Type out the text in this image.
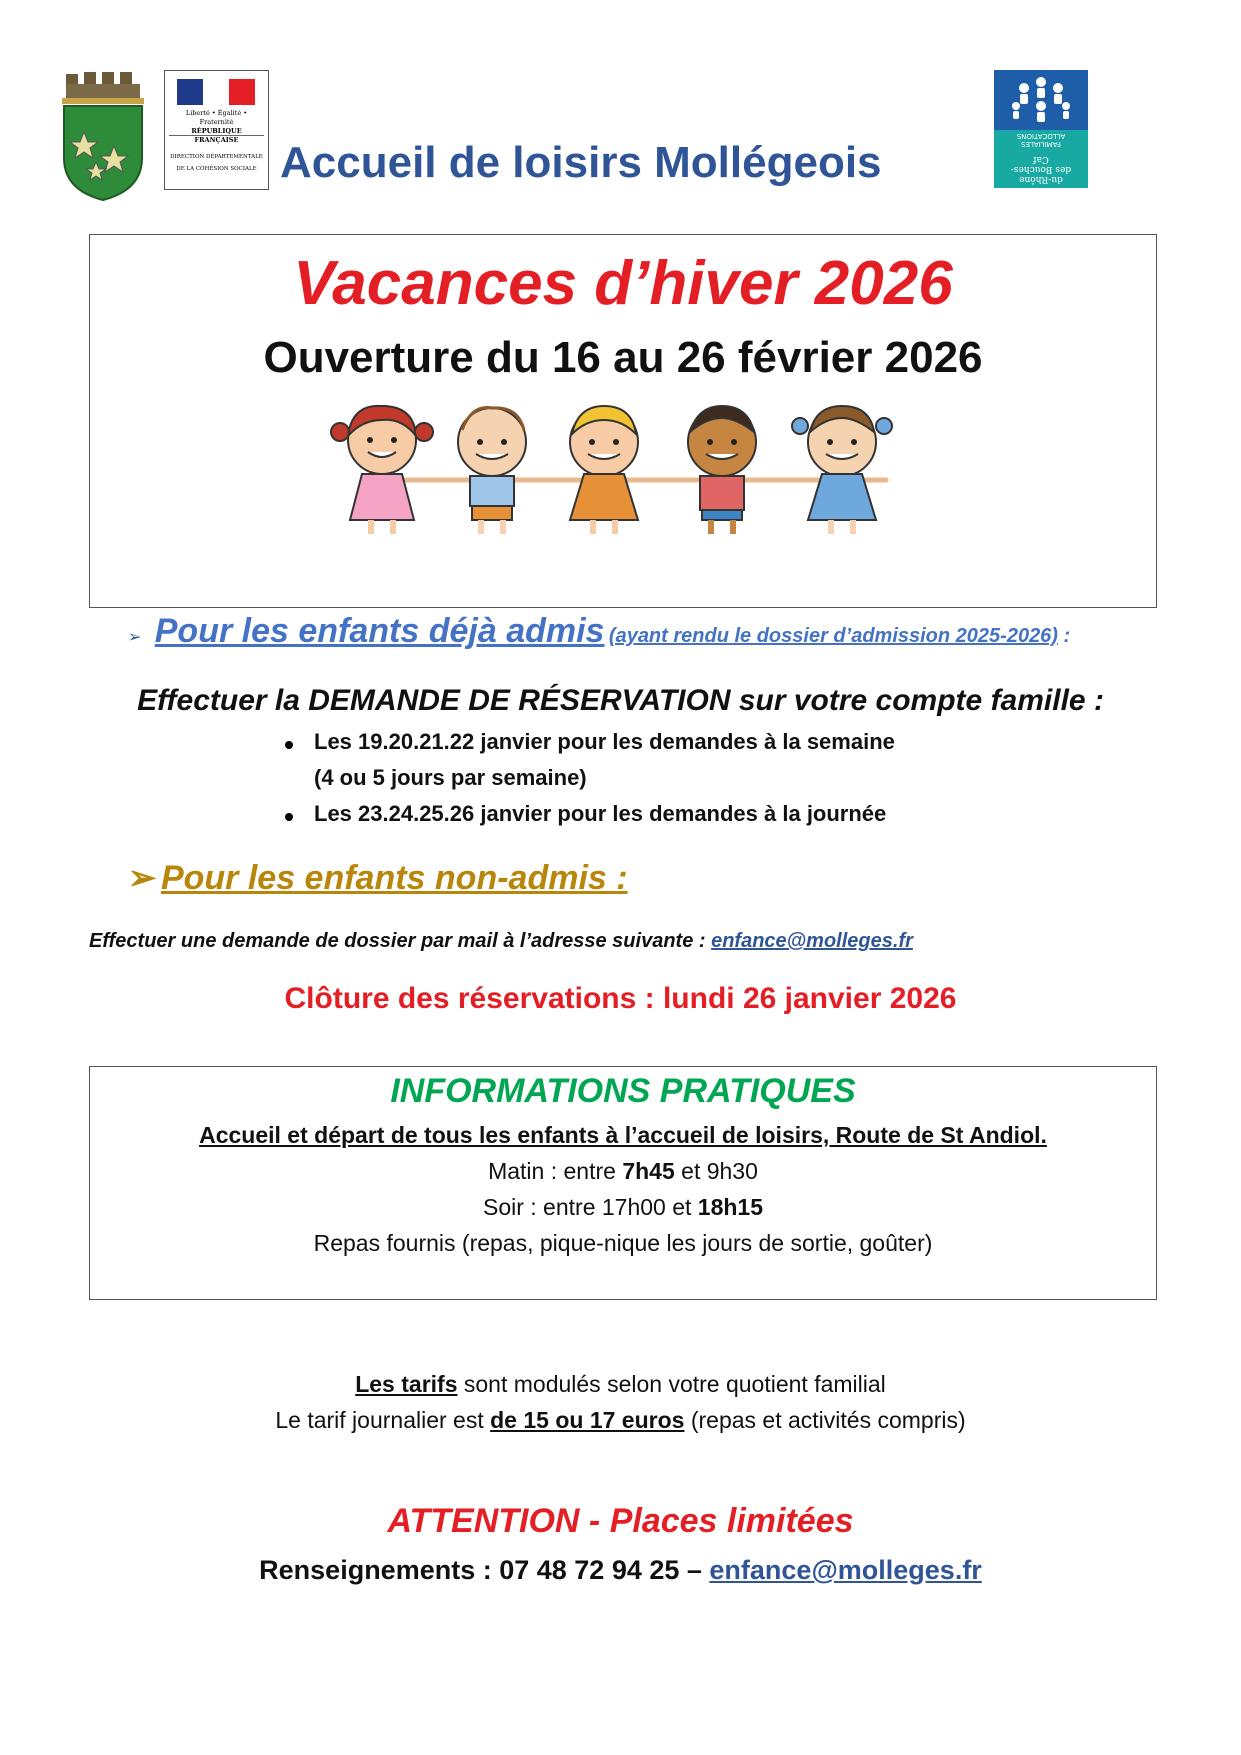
Liberté • Égalité • Fraternité
RÉPUBLIQUE FRANÇAISE
DIRECTION DÉPARTEMENTALE
DE LA COHÉSION SOCIALE Accueil de loisirs Mollégeois	FAMILIALES
ALLOCATIONS
du-Rhône
des Bouches-
Caf
Vacances d’hiver 2026
Ouverture du 16 au 26 février 2026
➢ Pour les enfants déjà admis (ayant rendu le dossier d’admission 2025-2026) :
Effectuer la DEMANDE DE RÉSERVATION sur votre compte famille :
Les 19.20.21.22 janvier pour les demandes à la semaine
(4 ou 5 jours par semaine)
Les 23.24.25.26 janvier pour les demandes à la journée
➢ Pour les enfants non-admis :
Effectuer une demande de dossier par mail à l’adresse suivante : enfance@molleges.fr
Clôture des réservations : lundi 26 janvier 2026
INFORMATIONS PRATIQUES
Accueil et départ de tous les enfants à l’accueil de loisirs, Route de St Andiol.
Matin : entre 7h45 et 9h30
Soir : entre 17h00 et 18h15
Repas fournis (repas, pique-nique les jours de sortie, goûter)
Les tarifs sont modulés selon votre quotient familial
Le tarif journalier est de 15 ou 17 euros (repas et activités compris)
ATTENTION - Places limitées
Renseignements : 07 48 72 94 25 – enfance@molleges.fr
